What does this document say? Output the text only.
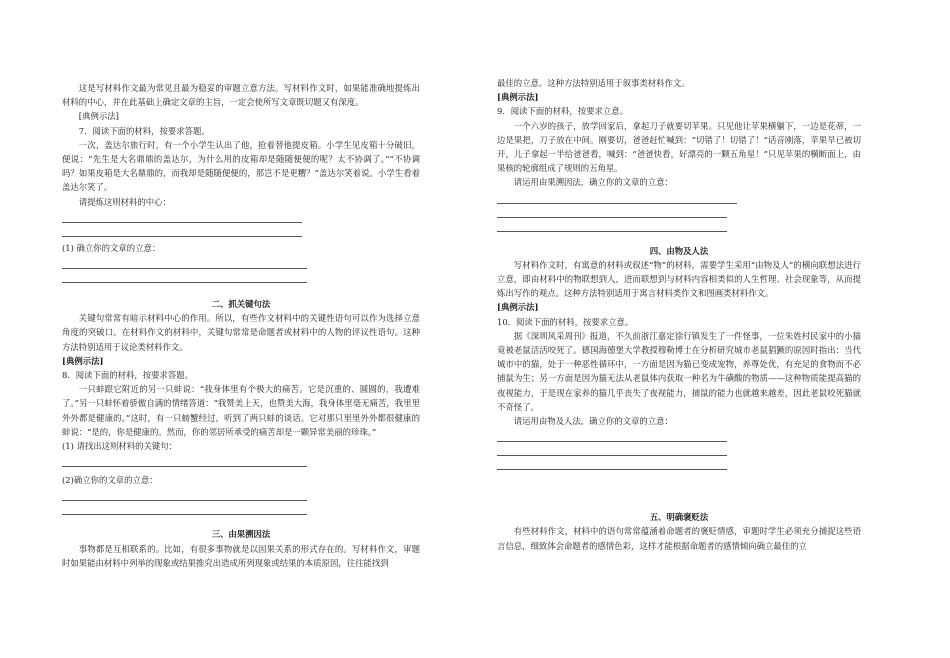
这是写材料作文最为常见且最为稳妥的审题立意方法。写材料作文时，如果能准确地提炼出材料的中心，并在此基础上确定文章的主旨，一定会使所写文章既切题又有深度。

[典例示法]

7．阅读下面的材料，按要求答题。

一次，盖达尔旅行时，有一个小学生认出了他，抢着替他提皮箱。小学生见皮箱十分破旧，便说：“先生是大名鼎鼎的盖达尔，为什么用的皮箱却是随随便便的呢？太不协调了。”“不协调吗？如果皮箱是大名鼎鼎的，而我却是随随便便的，那岂不是更糟？”盖达尔笑着说。小学生看着盖达尔笑了。

请提炼这则材料的中心：

(1) 确立你的文章的立意：

二、抓关键句法

关键句常常有暗示材料中心的作用。所以，有些作文材料中的关键性语句可以作为选择立意角度的突破口。在材料作文的材料中，关键句常常是命题者或材料中的人物的评议性语句。这种方法特别适用于议论类材料作文。

[典例示法]

8．阅读下面的材料，按要求答题。

一只蚌跟它附近的另一只蚌说：“我身体里有个极大的痛苦。它是沉重的、圆圆的，我遭难了。”另一只蚌怀着骄傲自满的情绪答道：“我赞美上天，也赞美大海，我身体里毫无痛苦，我里里外外都是健康的。”这时，有一只螃蟹经过，听到了两只蚌的谈话。它对那只里里外外都很健康的蚌说：“是的，你是健康的。然而，你的邻居所承受的痛苦却是一颗异常美丽的珍珠。”

(1) 请找出这则材料的关键句：

(2)确立你的文章的立意：

三、由果溯因法

事物都是互相联系的。比如，有很多事物就是以因果关系的形式存在的。写材料作文，审题时如果能由材料中列举的现象或结果推究出造成所列现象或结果的本质原因，往往能找到

最佳的立意。这种方法特别适用于叙事类材料作文。

[典例示法]

9．阅读下面的材料，按要求立意。

一个六岁的孩子，放学回家后，拿起刀子就要切苹果。只见他让苹果横躺下，一边是花蒂，一边是果把，刀子放在中间。刚要切，爸爸赶忙喊到：“切错了！切错了！”话音刚落，苹果早已被切开，儿子拿起一半给爸爸看，喊到：“爸爸快看，好漂亮的一颗五角星！”只见苹果的横断面上，由果核的轮廓组成了规则的五角星。

请运用由果溯因法，确立你的文章的立意：

四、由物及人法

写材料作文时，有寓意的材料或叙述“物”的材料，需要学生采用“由物及人”的横向联想法进行立意，即由材料中的物联想到人，进而联想到与材料内容相类似的人生哲理、社会现象等，从而提炼出写作的观点。这种方法特别适用于寓言材料类作文和图画类材料作文。

[典例示法]

10．阅读下面的材料，按要求立意。

据《深圳风采周刊》报道，不久前浙江嘉定徐行镇发生了一件怪事，一位朱姓村民家中的小猫竟被老鼠活活咬死了。德国海德堡大学教授穆勒博士在分析研究城市老鼠猖獗的原因时指出：当代城市中的猫，处于一种恶性循环中，一方面是因为猫已变成宠物，养尊处优，有充足的食物而不必捕鼠为生；另一方面是因为猫无法从老鼠体内获取一种名为牛磺酸的物质——这种物质能提高猫的夜视能力，于是现在家养的猫几乎丧失了夜视能力，捕鼠的能力也就越来越差，因此老鼠咬死猫就不奇怪了。

请运用由物及人法，确立你的文章的立意：

五、明确褒贬法

有些材料作文，材料中的语句常常蕴涵着命题者的褒贬情感，审题时学生必须充分捕捉这些语言信息，细致体会命题者的感情色彩，这样才能根据命题者的感情倾向确立最佳的立
